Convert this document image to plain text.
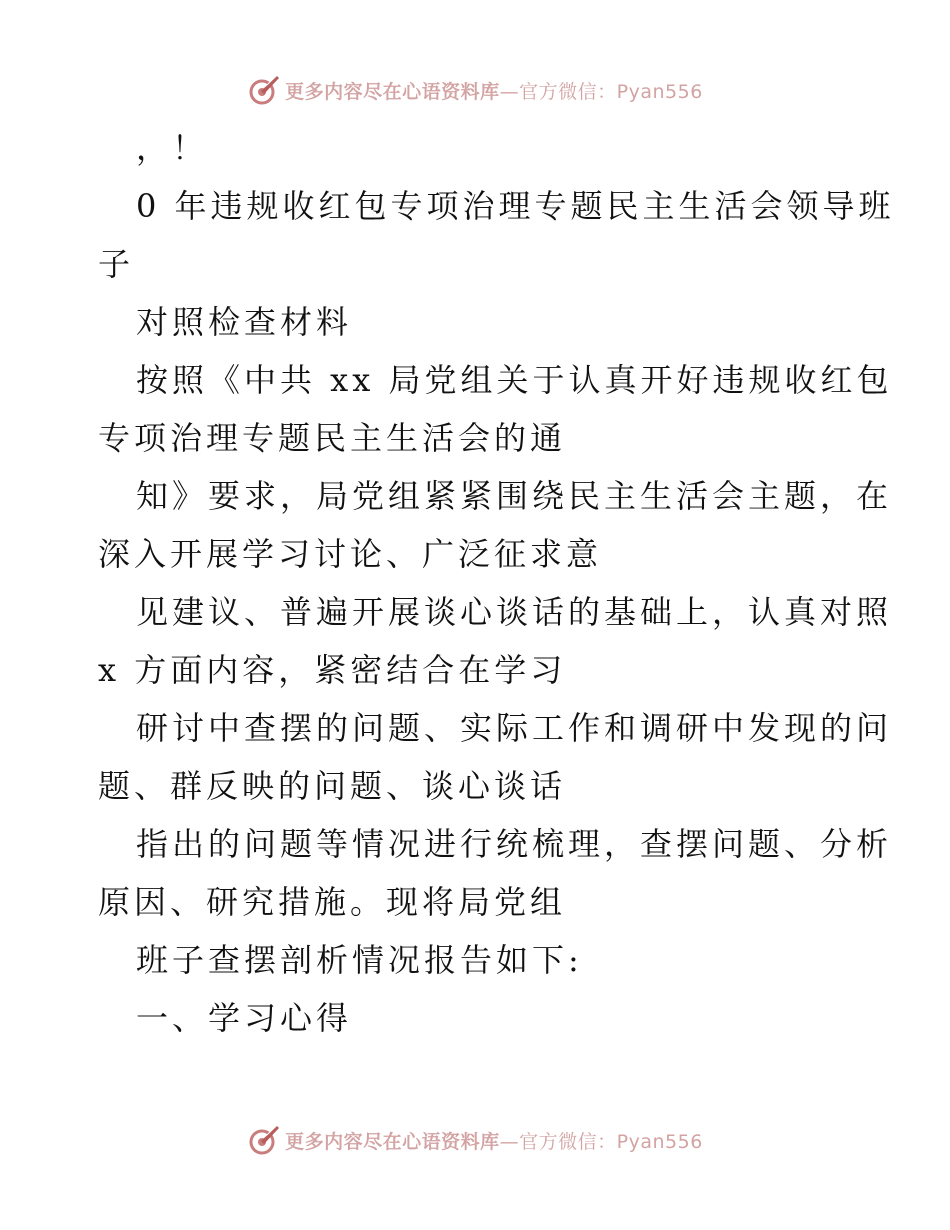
更多内容尽在心语资料库—官方微信：Pyan556
，！
0 年违规收红包专项治理专题民主生活会领导班
子
对照检查材料
按照《中共 xx 局党组关于认真开好违规收红包
专项治理专题民主生活会的通
知》要求，局党组紧紧围绕民主生活会主题，在
深入开展学习讨论、广泛征求意
见建议、普遍开展谈心谈话的基础上，认真对照
x 方面内容，紧密结合在学习
研讨中查摆的问题、实际工作和调研中发现的问
题、群反映的问题、谈心谈话
指出的问题等情况进行统梳理，查摆问题、分析
原因、研究措施。现将局党组
班子查摆剖析情况报告如下:
一、学习心得
更多内容尽在心语资料库—官方微信：Pyan556
